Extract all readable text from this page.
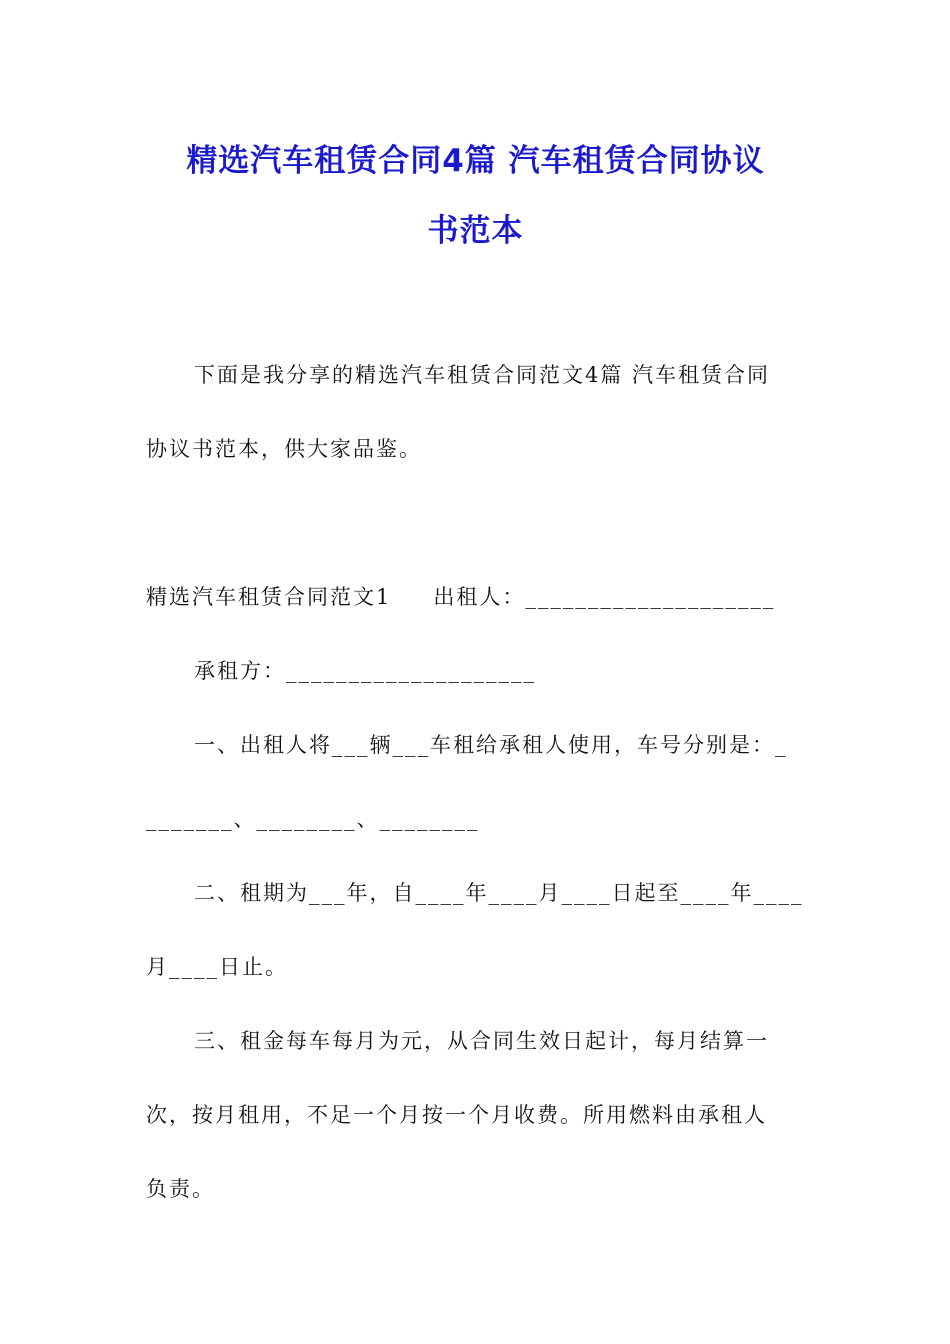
精选汽车租赁合同4篇 汽车租赁合同协议
书范本
下面是我分享的精选汽车租赁合同范文4篇 汽车租赁合同
协议书范本，供大家品鉴。
精选汽车租赁合同范文1 出租人：____________________
承租方：____________________
一、出租人将___辆___车租给承租人使用，车号分别是：_
_______、________、________
二、租期为___年，自____年____月____日起至____年____
月____日止。
三、租金每车每月为元，从合同生效日起计，每月结算一
次，按月租用，不足一个月按一个月收费。所用燃料由承租人
负责。
